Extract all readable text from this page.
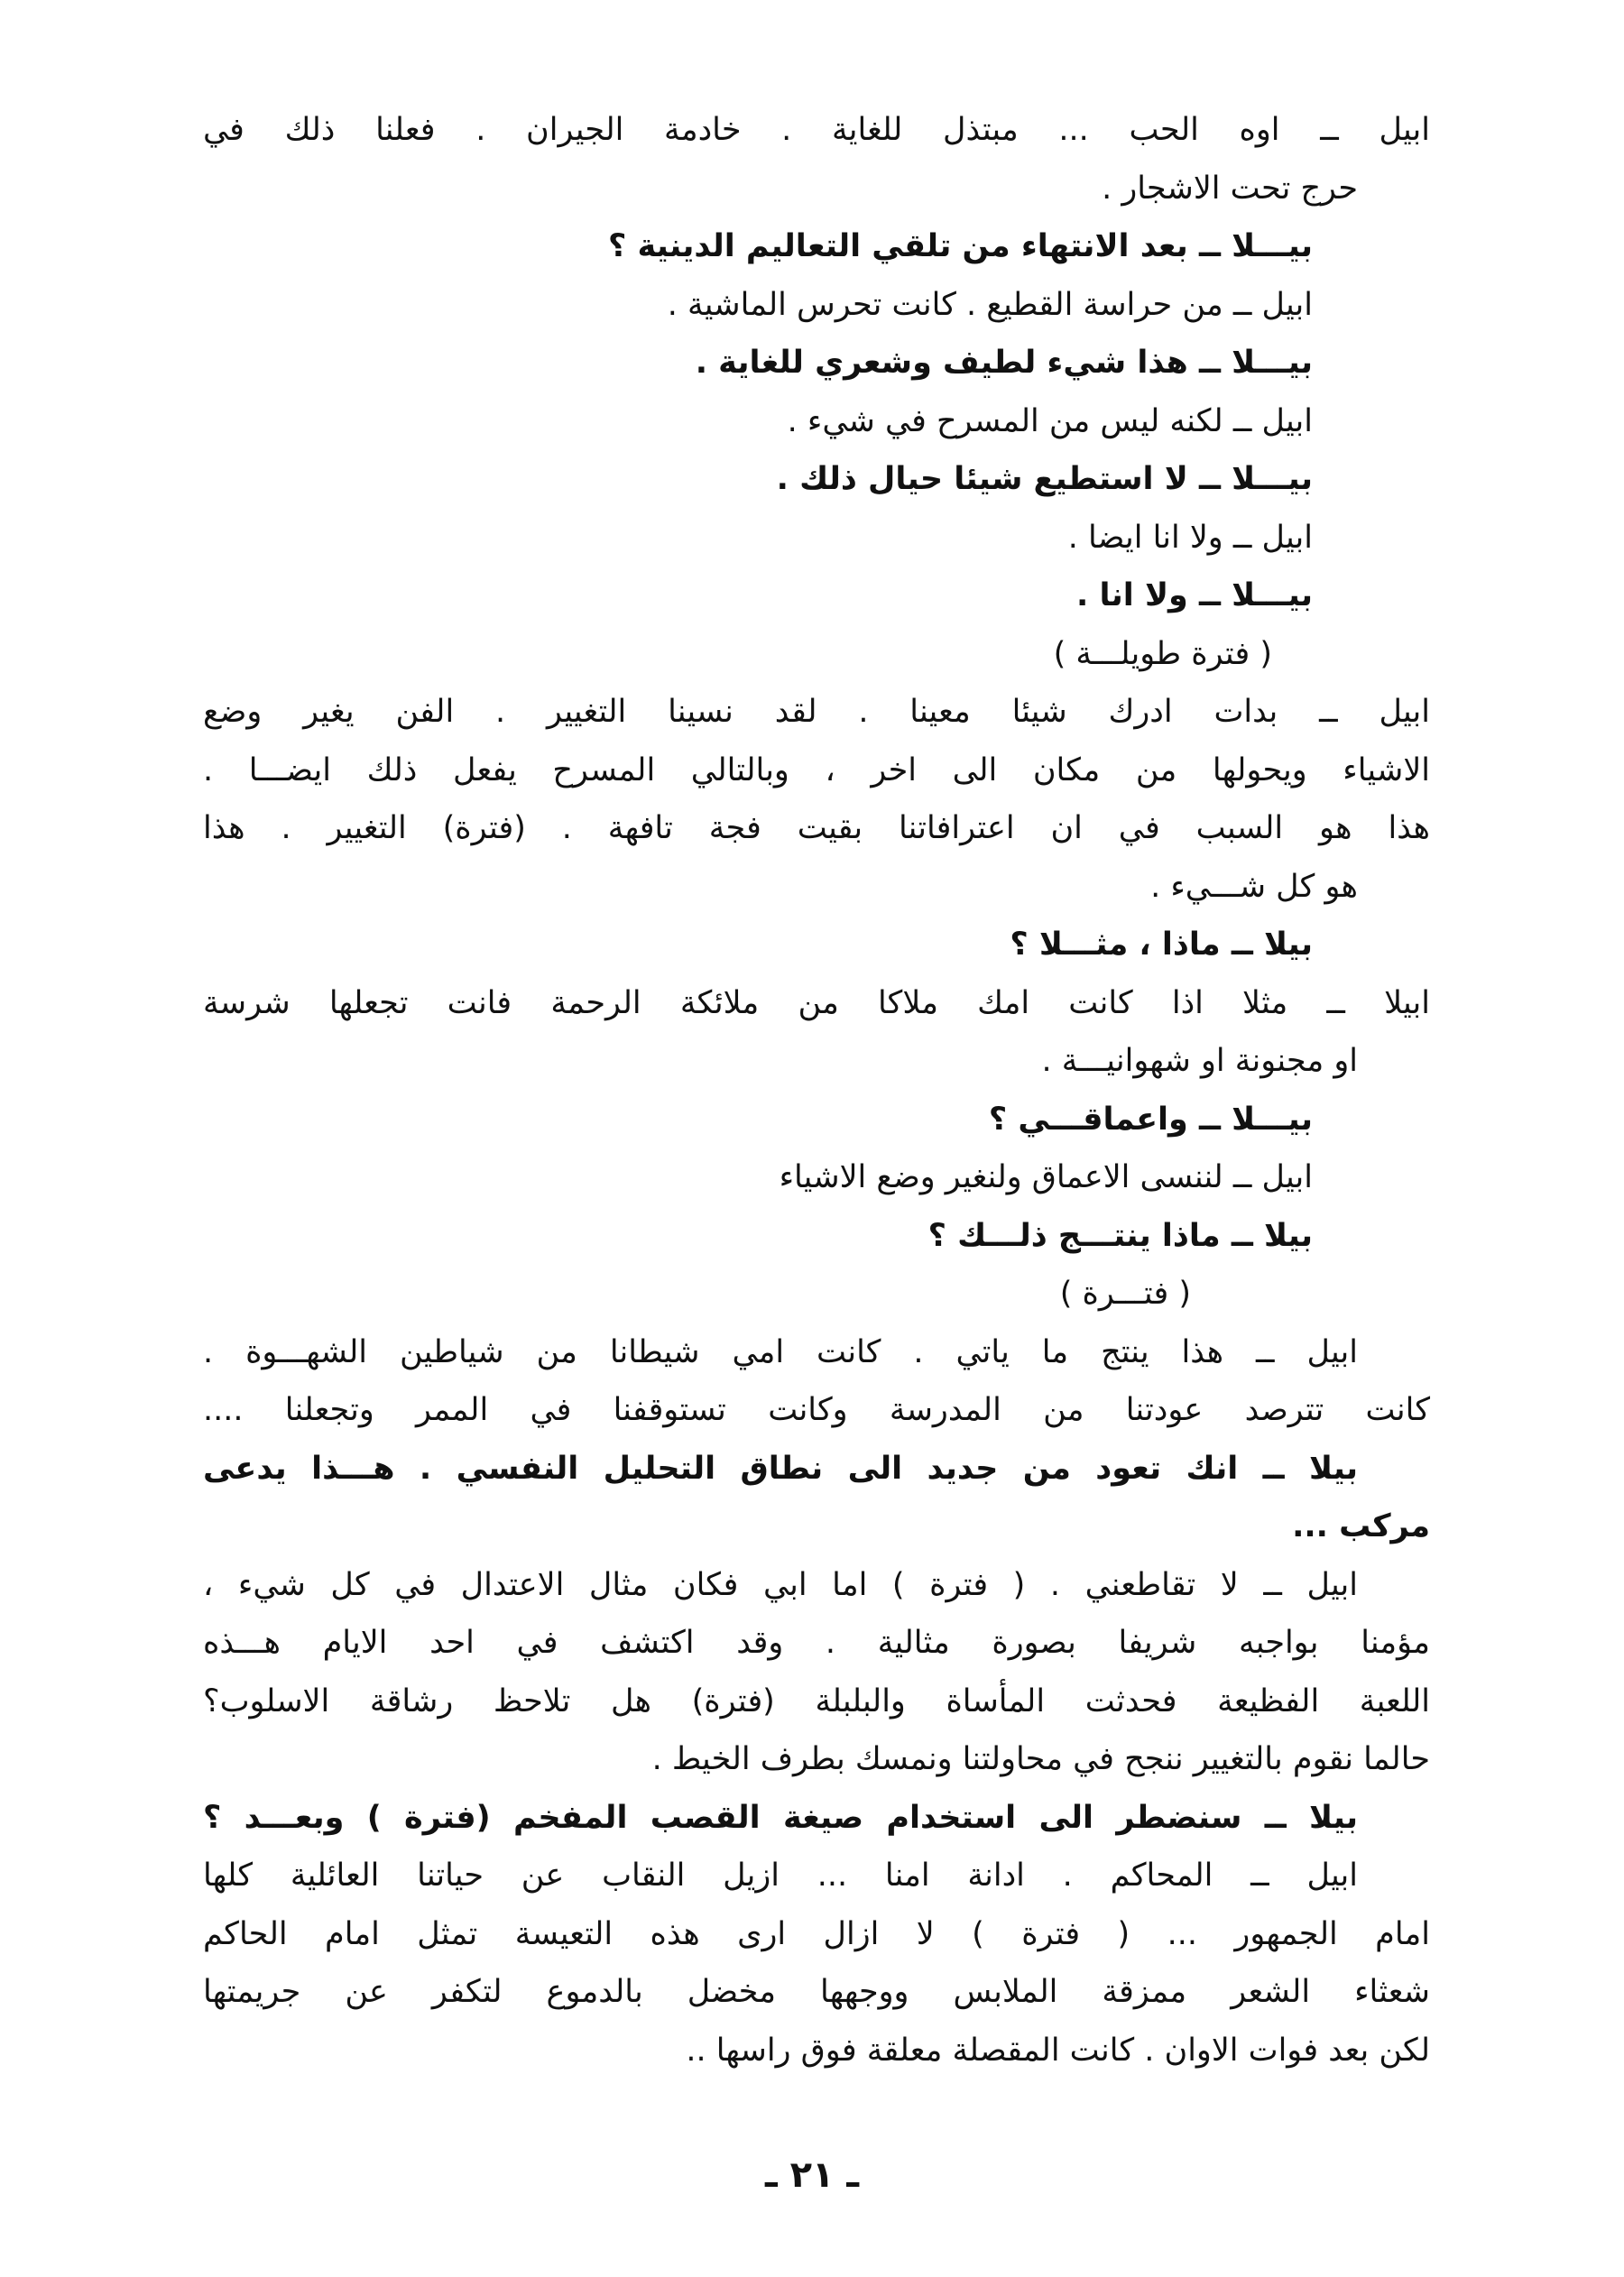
ابيل ــ اوه الحب ... مبتذل للغاية . خادمة الجيران . فعلنا ذلك في
حرج تحت الاشجار .
بيـــلا ــ بعد الانتهاء من تلقي التعاليم الدينية ؟
ابيل ــ من حراسة القطيع . كانت تحرس الماشية .
بيـــلا ــ هذا شيء لطيف وشعري للغاية .
ابيل ــ لكنه ليس من المسرح في شيء .
بيـــلا ــ لا استطيع شيئا حيال ذلك .
ابيل ــ ولا انا ايضا .
بيـــلا ــ ولا انا .
( فترة طويلـــة )
ابيل ــ بدات ادرك شيئا معينا . لقد نسينا التغيير . الفن يغير وضع
الاشياء ويحولها من مكان الى اخر ، وبالتالي المسرح يفعل ذلك ايضـــا .
هذا هو السبب في ان اعترافاتنا بقيت فجة تافهة . (فترة) التغيير . هذا
هو كل شـــيء .
بيلا ــ ماذا ، مثـــلا ؟
ابيلا ــ مثلا اذا كانت امك ملاكا من ملائكة الرحمة فانت تجعلها شرسة
او مجنونة او شهوانيـــة .
بيـــلا ــ واعماقـــي ؟
ابيل ــ لننسى الاعماق ولنغير وضع الاشياء
بيلا ــ ماذا ينتـــج ذلـــك ؟
( فتـــرة )
ابيل ــ هذا ينتج ما ياتي . كانت امي شيطانا من شياطين الشهـــوة .
كانت تترصد عودتنا من المدرسة وكانت تستوقفنا في الممر وتجعلنا ....
بيلا ــ انك تعود من جديد الى نطاق التحليل النفسي . هـــذا يدعى
مركب ...
ابيل ــ لا تقاطعني . ( فترة ) اما ابي فكان مثال الاعتدال في كل شيء ،
مؤمنا بواجبه شريفا بصورة مثالية . وقد اكتشف في احد الايام هـــذه
اللعبة الفظيعة فحدثت المأساة والبلبلة (فترة) هل تلاحظ رشاقة الاسلوب؟
حالما نقوم بالتغيير ننجح في محاولتنا ونمسك بطرف الخيط .
بيلا ــ سنضطر الى استخدام صيغة القصب المفخم (فترة ) وبعـــد ؟
ابيل ــ المحاكم . ادانة امنا ... ازيل النقاب عن حياتنا العائلية كلها
امام الجمهور ... ( فترة ) لا ازال ارى هذه التعيسة تمثل امام الحاكم
شعثاء الشعر ممزقة الملابس ووجهها مخضل بالدموع لتكفر عن جريمتها
لكن بعد فوات الاوان . كانت المقصلة معلقة فوق راسها ..
ـ ٢١ ـ
